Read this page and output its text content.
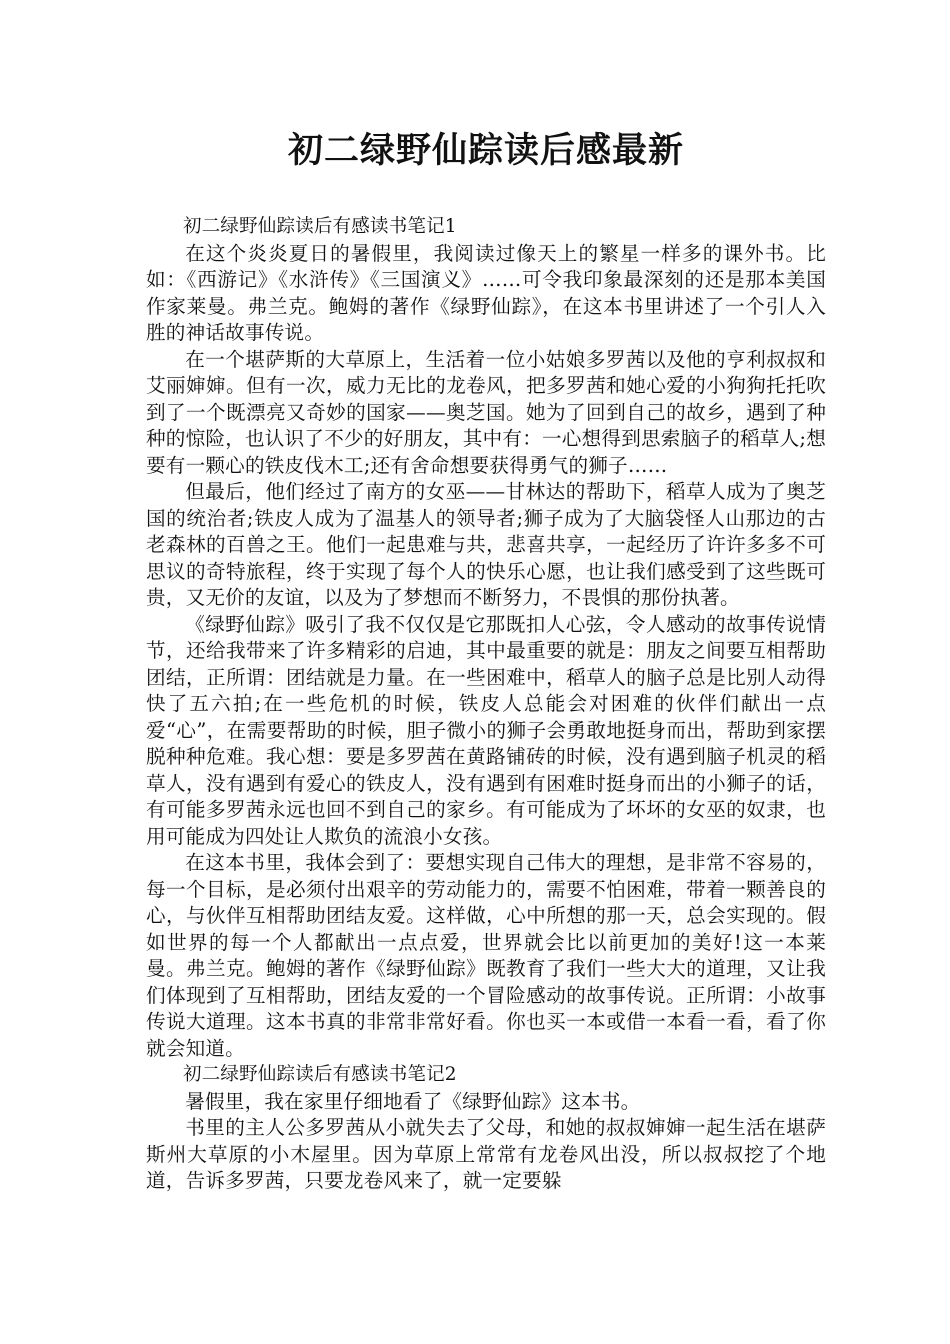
初二绿野仙踪读后感最新

初二绿野仙踪读后有感读书笔记1

在这个炎炎夏日的暑假里，我阅读过像天上的繁星一样多的课外书。比如：《西游记》《水浒传》《三国演义》……可令我印象最深刻的还是那本美国作家莱曼。弗兰克。鲍姆的著作《绿野仙踪》，在这本书里讲述了一个引人入胜的神话故事传说。

在一个堪萨斯的大草原上，生活着一位小姑娘多罗茜以及他的亨利叔叔和艾丽婶婶。但有一次，威力无比的龙卷风，把多罗茜和她心爱的小狗狗托托吹到了一个既漂亮又奇妙的国家——奥芝国。她为了回到自己的故乡，遇到了种种的惊险，也认识了不少的好朋友，其中有：一心想得到思索脑子的稻草人;想要有一颗心的铁皮伐木工;还有舍命想要获得勇气的狮子……

但最后，他们经过了南方的女巫——甘林达的帮助下，稻草人成为了奥芝国的统治者;铁皮人成为了温基人的领导者;狮子成为了大脑袋怪人山那边的古老森林的百兽之王。他们一起患难与共，悲喜共享，一起经历了许许多多不可思议的奇特旅程，终于实现了每个人的快乐心愿，也让我们感受到了这些既可贵，又无价的友谊，以及为了梦想而不断努力，不畏惧的那份执著。

《绿野仙踪》吸引了我不仅仅是它那既扣人心弦，令人感动的故事传说情节，还给我带来了许多精彩的启迪，其中最重要的就是：朋友之间要互相帮助团结，正所谓：团结就是力量。在一些困难中，稻草人的脑子总是比别人动得快了五六拍;在一些危机的时候，铁皮人总能会对困难的伙伴们献出一点爱“心”，在需要帮助的时候，胆子微小的狮子会勇敢地挺身而出，帮助到家摆脱种种危难。我心想：要是多罗茜在黄路铺砖的时候，没有遇到脑子机灵的稻草人，没有遇到有爱心的铁皮人，没有遇到有困难时挺身而出的小狮子的话，有可能多罗茜永远也回不到自己的家乡。有可能成为了坏坏的女巫的奴隶，也用可能成为四处让人欺负的流浪小女孩。

在这本书里，我体会到了：要想实现自己伟大的理想，是非常不容易的，每一个目标，是必须付出艰辛的劳动能力的，需要不怕困难，带着一颗善良的心，与伙伴互相帮助团结友爱。这样做，心中所想的那一天，总会实现的。假如世界的每一个人都献出一点点爱，世界就会比以前更加的美好!这一本莱曼。弗兰克。鲍姆的著作《绿野仙踪》既教育了我们一些大大的道理，又让我们体现到了互相帮助，团结友爱的一个冒险感动的故事传说。正所谓：小故事传说大道理。这本书真的非常非常好看。你也买一本或借一本看一看，看了你就会知道。

初二绿野仙踪读后有感读书笔记2

暑假里，我在家里仔细地看了《绿野仙踪》这本书。

书里的主人公多罗茜从小就失去了父母，和她的叔叔婶婶一起生活在堪萨斯州大草原的小木屋里。因为草原上常常有龙卷风出没，所以叔叔挖了个地道，告诉多罗茜，只要龙卷风来了，就一定要躲
